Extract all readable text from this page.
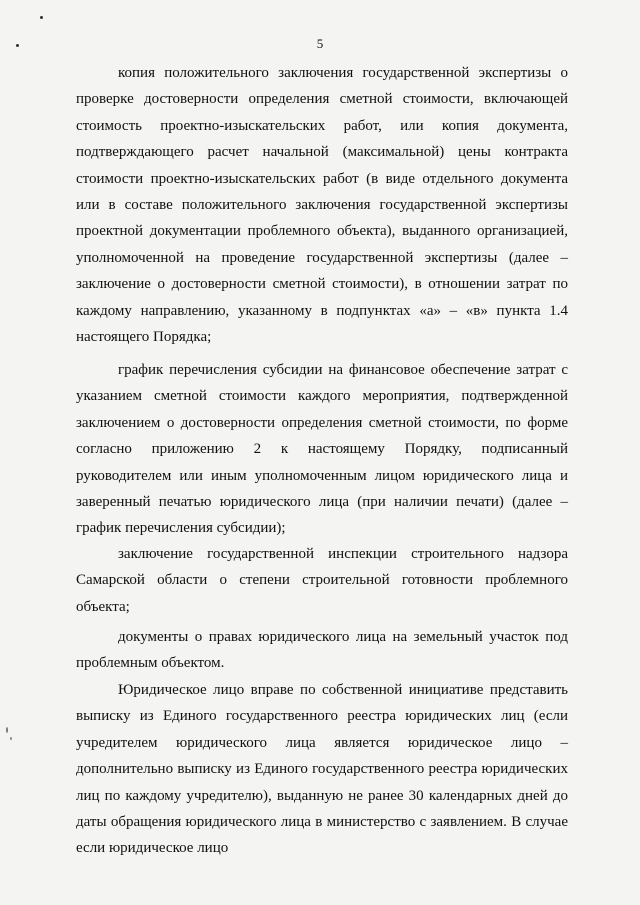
5

копия положительного заключения государственной экспертизы о проверке достоверности определения сметной стоимости, включающей стоимость проектно-изыскательских работ, или копия документа, подтверждающего расчет начальной (максимальной) цены контракта стоимости проектно-изыскательских работ (в виде отдельного документа или в составе положительного заключения государственной экспертизы проектной документации проблемного объекта), выданного организацией, уполномоченной на проведение государственной экспертизы (далее – заключение о достоверности сметной стоимости), в отношении затрат по каждому направлению, указанному в подпунктах «а» – «в» пункта 1.4 настоящего Порядка;

график перечисления субсидии на финансовое обеспечение затрат с указанием сметной стоимости каждого мероприятия, подтвержденной заключением о достоверности определения сметной стоимости, по форме согласно приложению 2 к настоящему Порядку, подписанный руководителем или иным уполномоченным лицом юридического лица и заверенный печатью юридического лица (при наличии печати) (далее – график перечисления субсидии);

заключение государственной инспекции строительного надзора Самарской области о степени строительной готовности проблемного объекта;

документы о правах юридического лица на земельный участок под проблемным объектом.

Юридическое лицо вправе по собственной инициативе представить выписку из Единого государственного реестра юридических лиц (если учредителем юридического лица является юридическое лицо – дополнительно выписку из Единого государственного реестра юридических лиц по каждому учредителю), выданную не ранее 30 календарных дней до даты обращения юридического лица в министерство с заявлением. В случае если юридическое лицо
